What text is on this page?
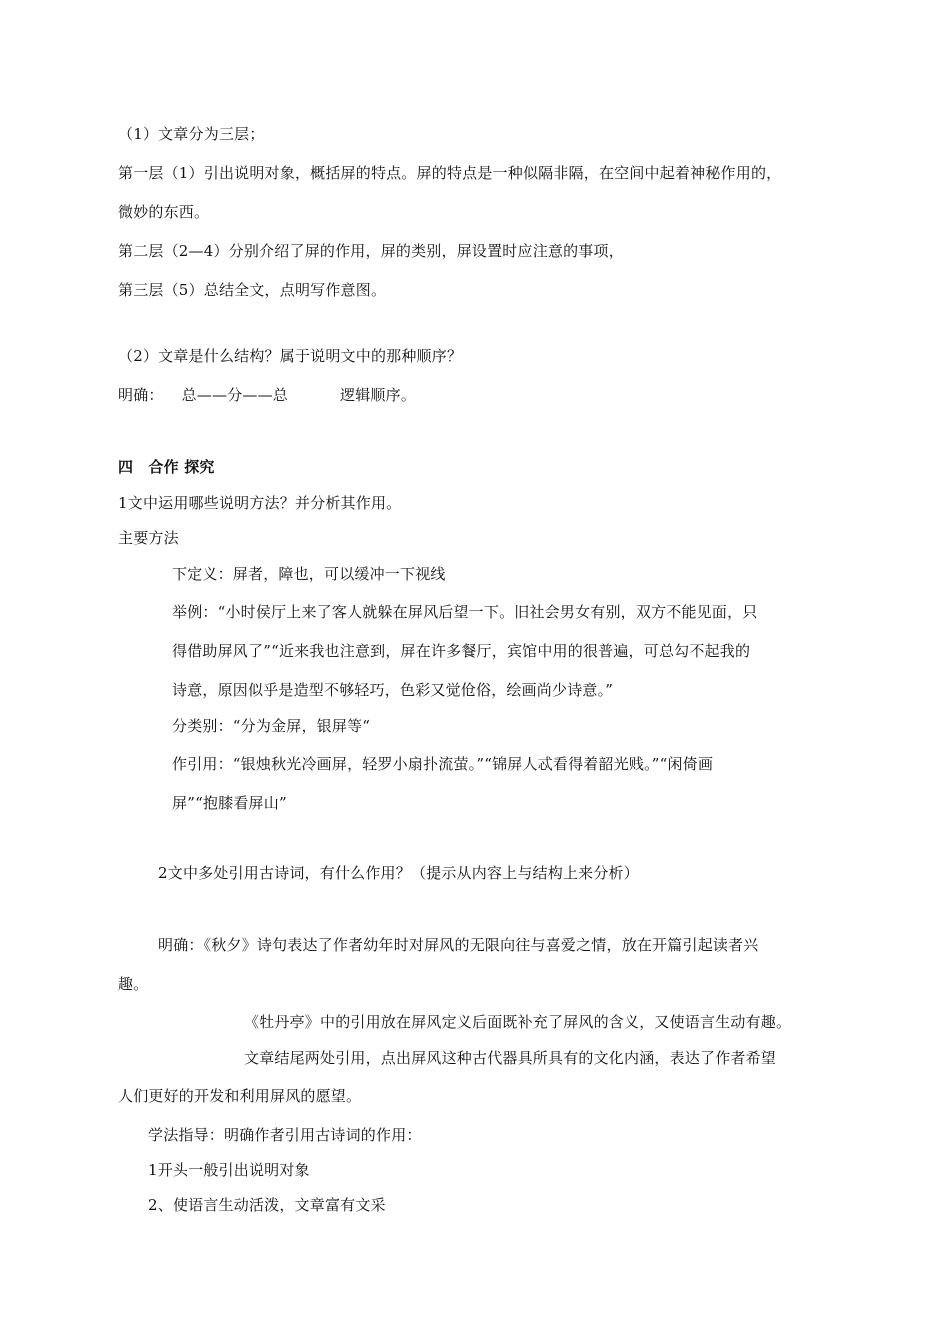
（1）文章分为三层；
第一层（1）引出说明对象，概括屏的特点。屏的特点是一种似隔非隔，在空间中起着神秘作用的，
微妙的东西。
第二层（2—4）分别介绍了屏的作用，屏的类别，屏设置时应注意的事项，
第三层（5）总结全文，点明写作意图。
（2）文章是什么结构？属于说明文中的那种顺序？
明确： 总——分——总	逻辑顺序。
四　合作 探究
1文中运用哪些说明方法？并分析其作用。
主要方法
下定义：屏者，障也，可以缓冲一下视线
举例：“小时侯厅上来了客人就躲在屏风后望一下。旧社会男女有别，双方不能见面，只
得借助屏风了”“近来我也注意到，屏在许多餐厅，宾馆中用的很普遍，可总勾不起我的
诗意，原因似乎是造型不够轻巧，色彩又觉伧俗，绘画尚少诗意。”
分类别：“分为金屏，银屏等“
作引用：“银烛秋光冷画屏，轻罗小扇扑流萤。”“锦屏人忒看得着韶光贱。”“闲倚画
屏”“抱膝看屏山”
2文中多处引用古诗词，有什么作用？（提示从内容上与结构上来分析）
明确：《秋夕》诗句表达了作者幼年时对屏风的无限向往与喜爱之情，放在开篇引起读者兴
趣。
《牡丹亭》中的引用放在屏风定义后面既补充了屏风的含义，又使语言生动有趣。
文章结尾两处引用，点出屏风这种古代器具所具有的文化内涵，表达了作者希望
人们更好的开发和利用屏风的愿望。
学法指导：明确作者引用古诗词的作用：
1开头一般引出说明对象
2、使语言生动活泼，文章富有文采
